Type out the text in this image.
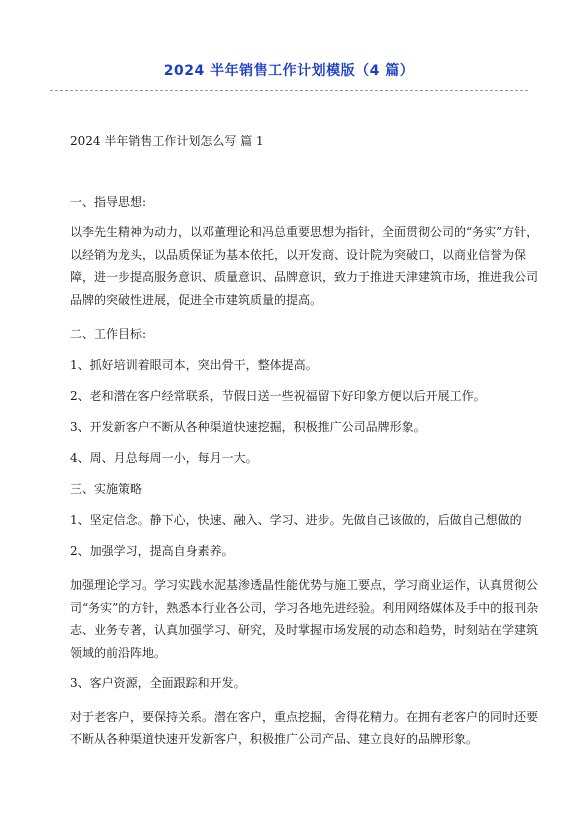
2024 半年销售工作计划模版（4 篇）

2024 半年销售工作计划怎么写 篇 1

一、指导思想:

以李先生精神为动力，以邓董理论和冯总重要思想为指针，全面贯彻公司的“务实”方针，以经销为龙头，以品质保证为基本依托，以开发商、设计院为突破口，以商业信誉为保障，进一步提高服务意识、质量意识、品牌意识，致力于推进天津建筑市场，推进我公司品牌的突破性进展，促进全市建筑质量的提高。

二、工作目标:

1、抓好培训着眼司本，突出骨干，整体提高。

2、老和潜在客户经常联系，节假日送一些祝福留下好印象方便以后开展工作。

3、开发新客户不断从各种渠道快速挖掘，积极推广公司品牌形象。

4、周、月总每周一小，每月一大。

三、实施策略

1、坚定信念。静下心，快速、融入、学习、进步。先做自己该做的，后做自己想做的

2、加强学习，提高自身素养。

加强理论学习。学习实践水泥基渗透晶性能优势与施工要点，学习商业运作，认真贯彻公司“务实”的方针，熟悉本行业各公司，学习各地先进经验。利用网络媒体及手中的报刊杂志、业务专著，认真加强学习、研究，及时掌握市场发展的动态和趋势，时刻站在学建筑领域的前沿阵地。

3、客户资源，全面跟踪和开发。

对于老客户，要保持关系。潜在客户，重点挖掘，舍得花精力。在拥有老客户的同时还要不断从各种渠道快速开发新客户，积极推广公司产品、建立良好的品牌形象。
